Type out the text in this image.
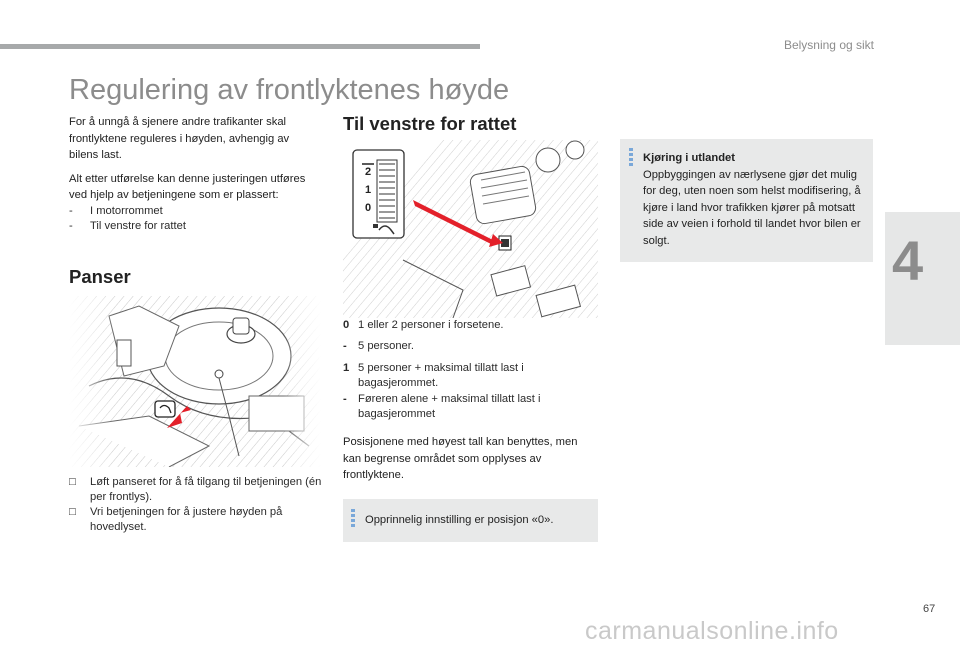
Belysning og sikt
Regulering av frontlyktenes høyde

For å unngå å sjenere andre trafikanter skal frontlyktene reguleres i høyden, avhengig av bilens last.

Alt etter utførelse kan denne justeringen utføres ved hjelp av betjeningene som er plassert:

- I motorrommet
- Til venstre for rattet
Panser
□ Løft panseret for å få tilgang til betjeningen (én per frontlys).
□ Vri betjeningen for å justere høyden på hovedlyset.
Til venstre for rattet
2
1
0
0 1 eller 2 personer i forsetene.
- 5 personer.
1 5 personer + maksimal tillatt last i bagasjerommet.
- Føreren alene + maksimal tillatt last i bagasjerommet

Posisjonene med høyest tall kan benyttes, men kan begrense området som opplyses av frontlyktene.

Opprinnelig innstilling er posisjon «0».
Kjøring i utlandet
Oppbyggingen av nærlysene gjør det mulig for deg, uten noen som helst modifisering, å kjøre i land hvor trafikken kjører på motsatt side av veien i forhold til landet hvor bilen er solgt.	4
67
carmanualsonline.info
